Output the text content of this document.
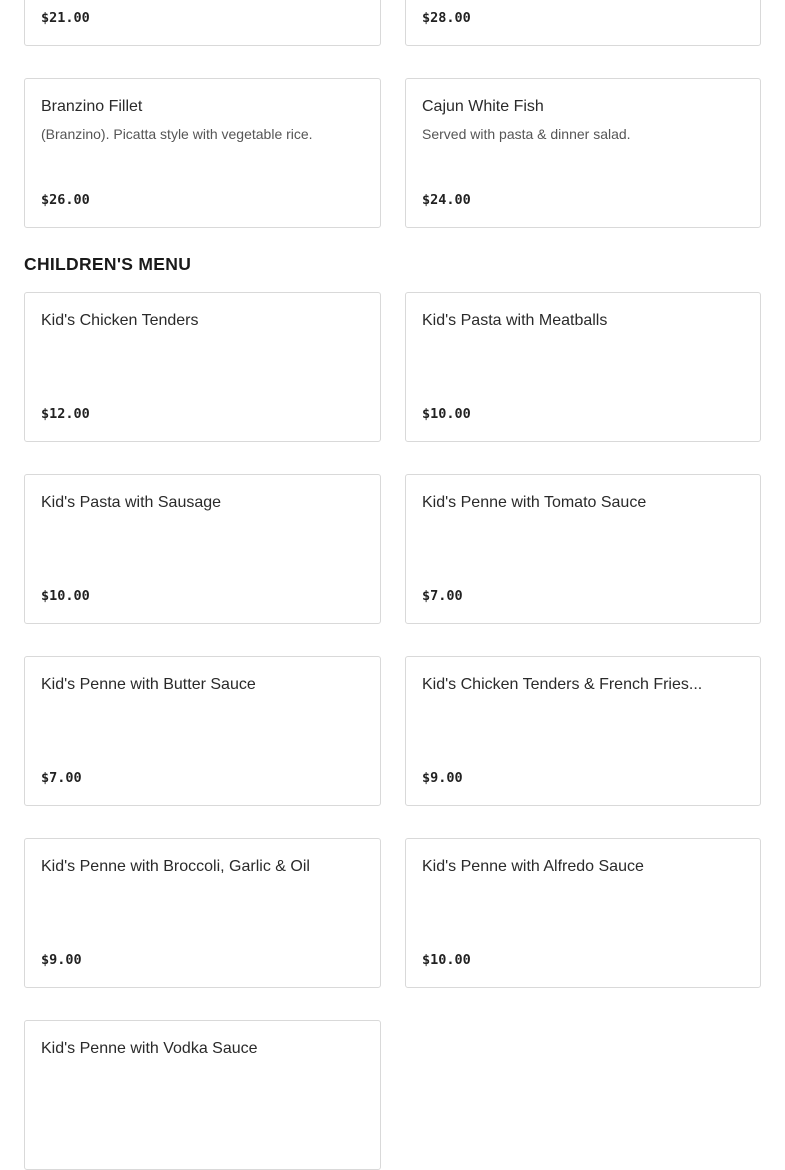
$21.00	$28.00
Branzino Fillet
(Branzino). Picatta style with vegetable rice.
$26.00
Cajun White Fish
Served with pasta & dinner salad.
$24.00
CHILDREN'S MENU
Kid's Chicken Tenders
$12.00
Kid's Pasta with Meatballs
$10.00
Kid's Pasta with Sausage
$10.00
Kid's Penne with Tomato Sauce
$7.00
Kid's Penne with Butter Sauce
$7.00
Kid's Chicken Tenders & French Fries...
$9.00
Kid's Penne with Broccoli, Garlic & Oil
$9.00
Kid's Penne with Alfredo Sauce
$10.00
Kid's Penne with Vodka Sauce
